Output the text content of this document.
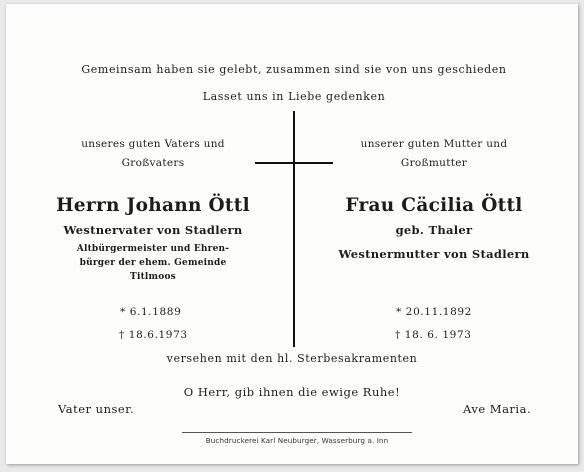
Gemeinsam haben sie gelebt, zusammen sind sie von uns geschieden
Lasset uns in Liebe gedenken
unseres guten Vaters und
Großvaters
Herrn Johann Öttl
Westnervater von Stadlern
Altbürgermeister und Ehren-
bürger der ehem. Gemeinde
Titlmoos
* 6.1.1889
† 18.6.1973
unserer guten Mutter und
Großmutter
Frau Cäcilia Öttl
geb. Thaler
Westnermutter von Stadlern
* 20.11.1892
† 18. 6. 1973
versehen mit den hl. Sterbesakramenten
O Herr, gib ihnen die ewige Ruhe!
Vater unser.	Ave Maria.
Buchdruckerei Karl Neuburger, Wasserburg a. Inn
